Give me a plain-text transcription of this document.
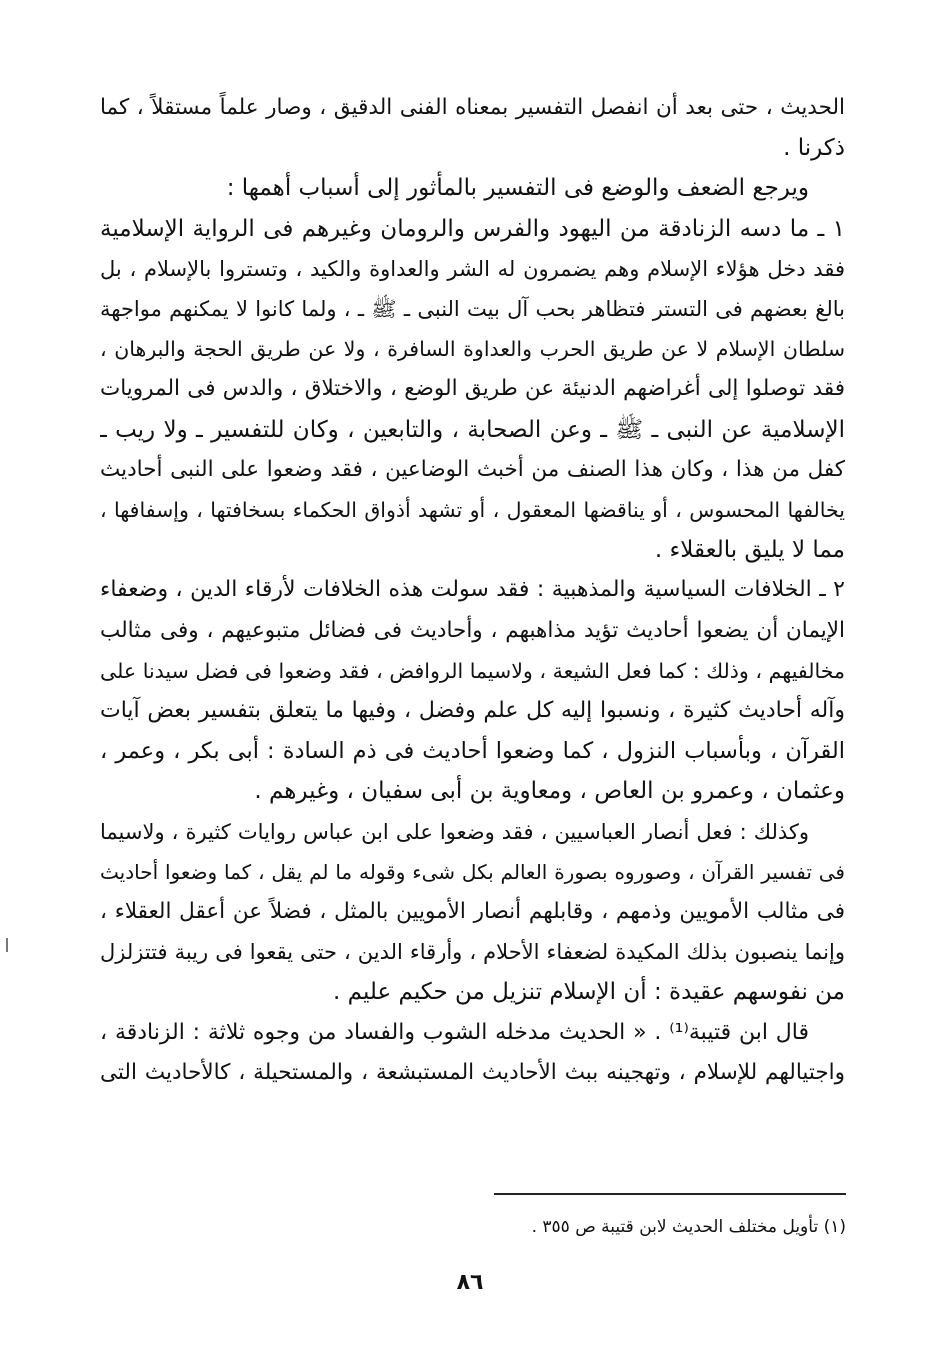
الحديث ، حتى بعد أن انفصل التفسير بمعناه الفنى الدقيق ، وصار علماً مستقلاً ، كما
ذكرنا .
ويرجع الضعف والوضع فى التفسير بالمأثور إلى أسباب أهمها :
١ ـ ما دسه الزنادقة من اليهود والفرس والرومان وغيرهم فى الرواية الإسلامية
فقد دخل هؤلاء الإسلام وهم يضمرون له الشر والعداوة والكيد ، وتستروا بالإسلام ، بل
بالغ بعضهم فى التستر فتظاهر بحب آل بيت النبى ـ ﷺ ـ ، ولما كانوا لا يمكنهم مواجهة
سلطان الإسلام لا عن طريق الحرب والعداوة السافرة ، ولا عن طريق الحجة والبرهان ،
فقد توصلوا إلى أغراضهم الدنيئة عن طريق الوضع ، والاختلاق ، والدس فى المرويات
الإسلامية عن النبى ـ ﷺ ـ وعن الصحابة ، والتابعين ، وكان للتفسير ـ ولا ريب ـ
كفل من هذا ، وكان هذا الصنف من أخبث الوضاعين ، فقد وضعوا على النبى أحاديث
يخالفها المحسوس ، أو يناقضها المعقول ، أو تشهد أذواق الحكماء بسخافتها ، وإسفافها ،
مما لا يليق بالعقلاء .
٢ ـ الخلافات السياسية والمذهبية : فقد سولت هذه الخلافات لأرقاء الدين ، وضعفاء
الإيمان أن يضعوا أحاديث تؤيد مذاهبهم ، وأحاديث فى فضائل متبوعيهم ، وفى مثالب
مخالفيهم ، وذلك : كما فعل الشيعة ، ولاسيما الروافض ، فقد وضعوا فى فضل سيدنا على
وآله أحاديث كثيرة ، ونسبوا إليه كل علم وفضل ، وفيها ما يتعلق بتفسير بعض آيات
القرآن ، وبأسباب النزول ، كما وضعوا أحاديث فى ذم السادة : أبى بكر ، وعمر ،
وعثمان ، وعمرو بن العاص ، ومعاوية بن أبى سفيان ، وغيرهم .
وكذلك : فعل أنصار العباسيين ، فقد وضعوا على ابن عباس روايات كثيرة ، ولاسيما
فى تفسير القرآن ، وصوروه بصورة العالم بكل شىء وقوله ما لم يقل ، كما وضعوا أحاديث
فى مثالب الأمويين وذمهم ، وقابلهم أنصار الأمويين بالمثل ، فضلاً عن أعقل العقلاء ،
وإنما ينصبون بذلك المكيدة لضعفاء الأحلام ، وأرقاء الدين ، حتى يقعوا فى ريبة فتتزلزل
من نفوسهم عقيدة : أن الإسلام تنزيل من حكيم عليم .
قال ابن قتيبة⁽¹⁾ . « الحديث مدخله الشوب والفساد من وجوه ثلاثة : الزنادقة ،
واجتيالهم للإسلام ، وتهجينه ببث الأحاديث المستبشعة ، والمستحيلة ، كالأحاديث التى
(١) تأويل مختلف الحديث لابن قتيبة ص ٣٥٥ .
٨٦
